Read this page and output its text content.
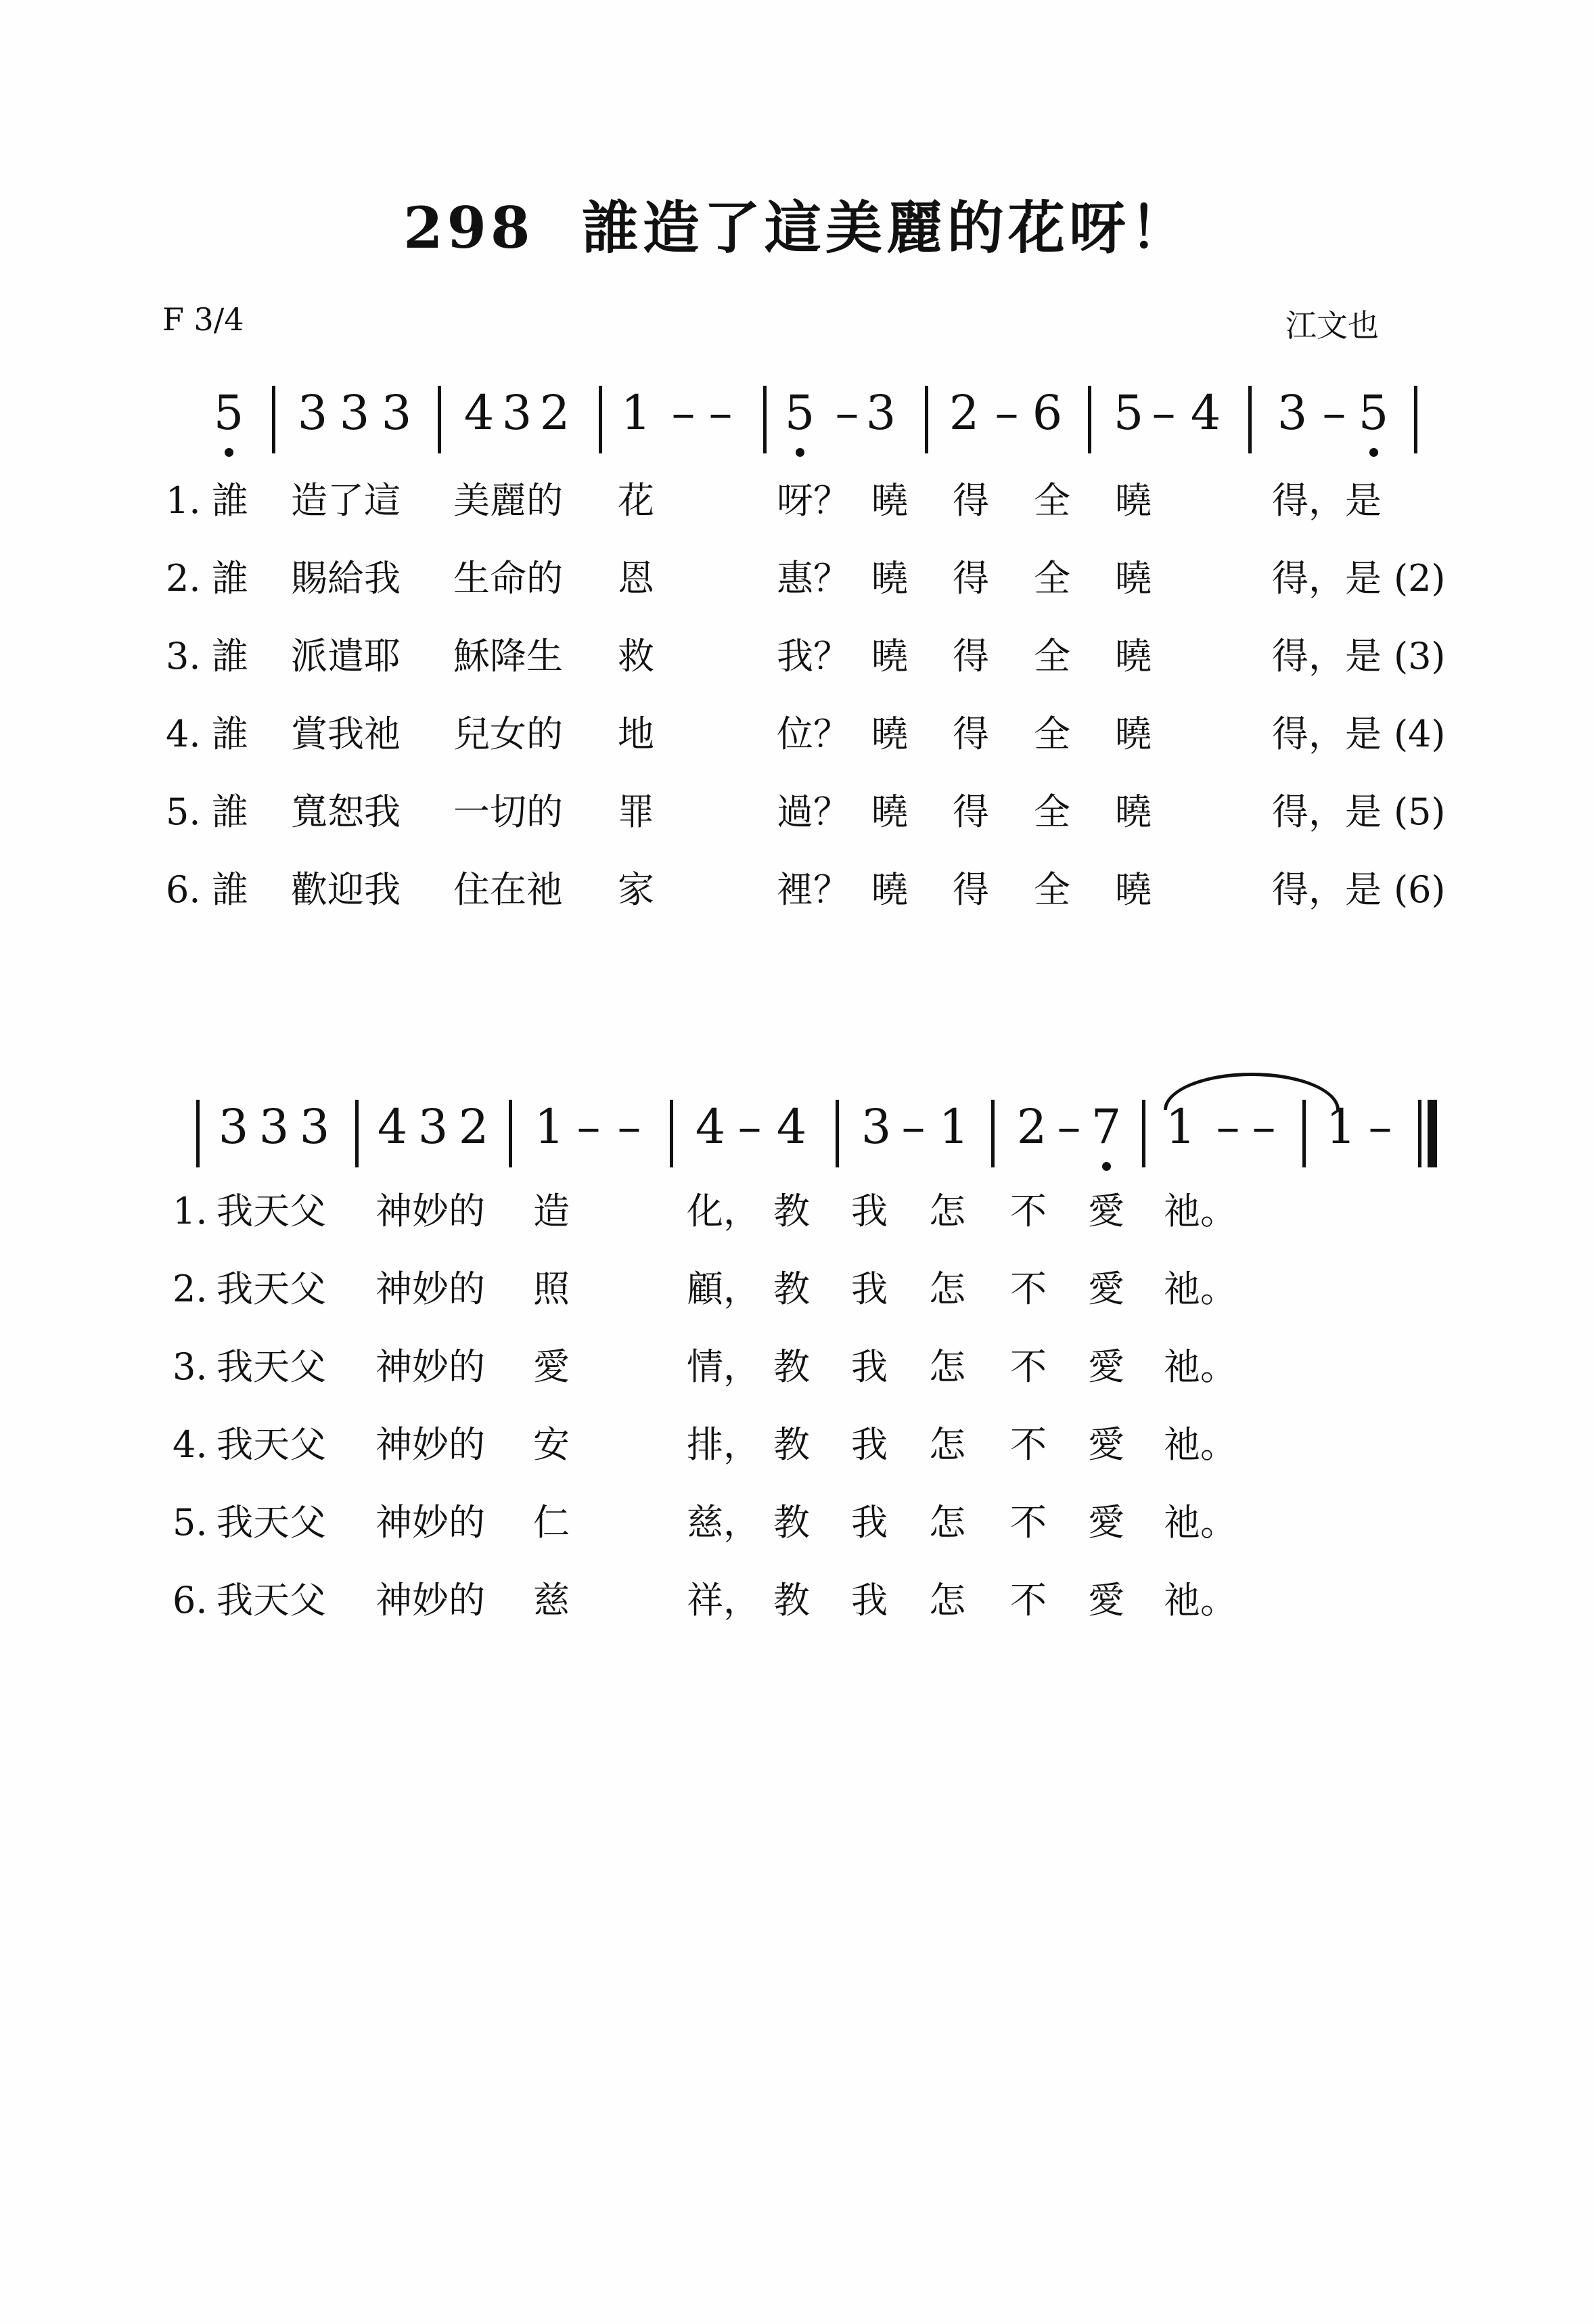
298 誰造了這美麗的花呀！
F 3/4	江文也
5 3 3 3 4 3 2 1 – – 5 – 3 2 – 6 5 – 4 3 – 5
1. 誰 造了這 美麗的 花	呀？ 曉 得 全 曉	得，是
2. 誰 賜給我 生命的 恩	惠？ 曉 得 全 曉	得，是 (2)
3. 誰 派遣耶 穌降生 救	我？ 曉 得 全 曉	得，是 (3)
4. 誰 賞我祂 兒女的 地	位？ 曉 得 全 曉	得，是 (4)
5. 誰 寬恕我 一切的 罪	過？ 曉 得 全 曉	得，是 (5)
6. 誰 歡迎我 住在祂 家	裡？ 曉 得 全 曉	得，是 (6)
3 3 3 4 3 2 1 – – 4 – 4 3 – 1 2 – 7 1 – – 1 –
1. 我天父 神妙的 造	化， 教 我 怎 不 愛 祂。
2. 我天父 神妙的 照	顧， 教 我 怎 不 愛 祂。
3. 我天父 神妙的 愛	情， 教 我 怎 不 愛 祂。
4. 我天父 神妙的 安	排， 教 我 怎 不 愛 祂。
5. 我天父 神妙的 仁	慈， 教 我 怎 不 愛 祂。
6. 我天父 神妙的 慈	祥， 教 我 怎 不 愛 祂。
